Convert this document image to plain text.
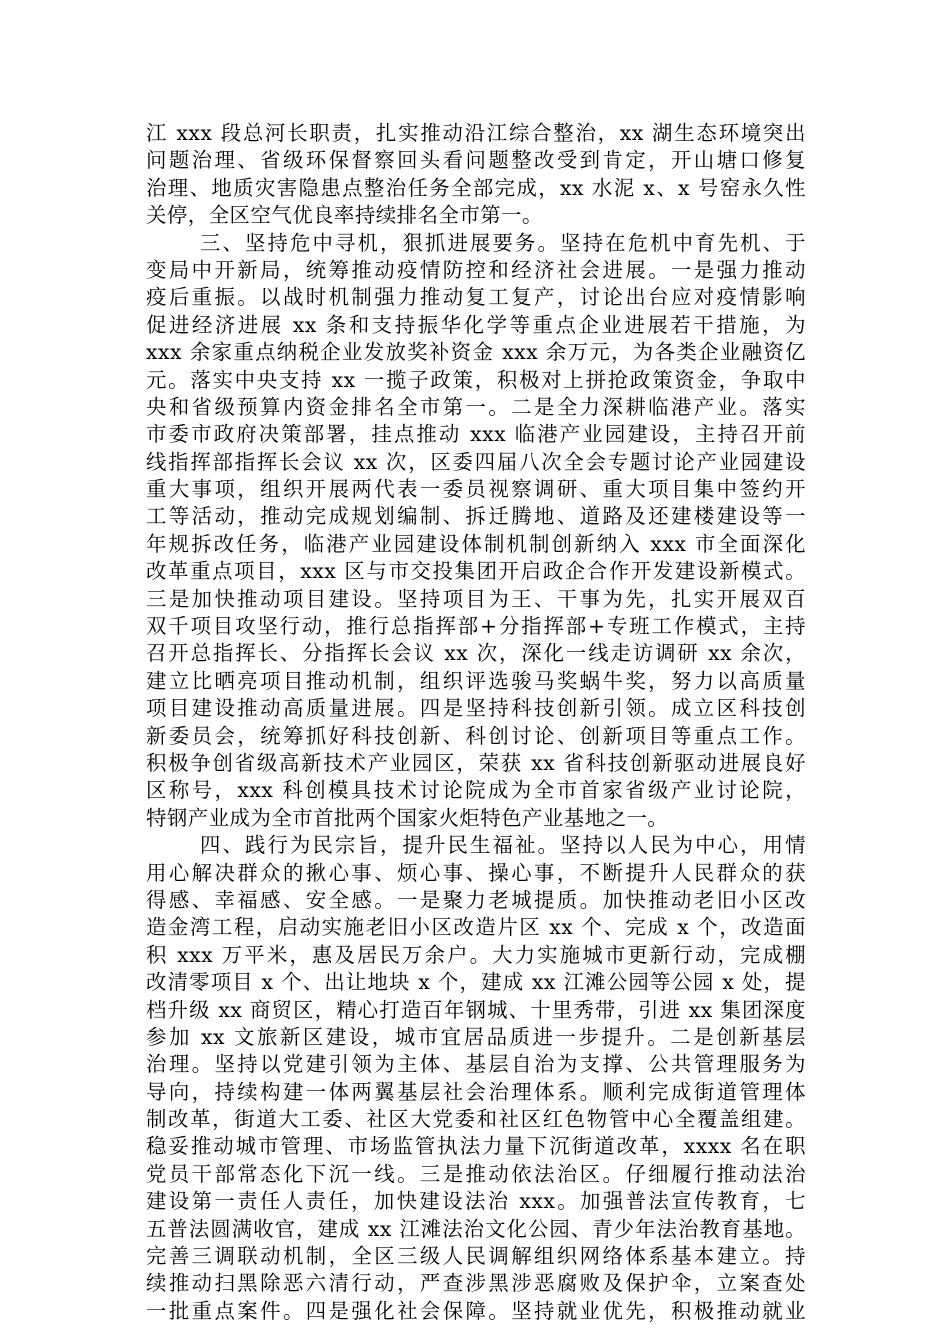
江 xxx 段总河长职责，扎实推动沿江综合整治，xx 湖生态环境突出
问题治理、省级环保督察回头看问题整改受到肯定，开山塘口修复
治理、地质灾害隐患点整治任务全部完成，xx 水泥 x、x 号窑永久性
关停，全区空气优良率持续排名全市第一。
三、坚持危中寻机，狠抓进展要务。坚持在危机中育先机、于
变局中开新局，统筹推动疫情防控和经济社会进展。一是强力推动
疫后重振。以战时机制强力推动复工复产，讨论出台应对疫情影响
促进经济进展 xx 条和支持振华化学等重点企业进展若干措施，为
xxx 余家重点纳税企业发放奖补资金 xxx 余万元，为各类企业融资亿
元。落实中央支持 xx 一揽子政策，积极对上拼抢政策资金，争取中
央和省级预算内资金排名全市第一。二是全力深耕临港产业。落实
市委市政府决策部署，挂点推动 xxx 临港产业园建设，主持召开前
线指挥部指挥长会议 xx 次，区委四届八次全会专题讨论产业园建设
重大事项，组织开展两代表一委员视察调研、重大项目集中签约开
工等活动，推动完成规划编制、拆迁腾地、道路及还建楼建设等一
年规拆改任务，临港产业园建设体制机制创新纳入 xxx 市全面深化
改革重点项目，xxx 区与市交投集团开启政企合作开发建设新模式。
三是加快推动项目建设。坚持项目为王、干事为先，扎实开展双百
双千项目攻坚行动，推行总指挥部+分指挥部+专班工作模式，主持
召开总指挥长、分指挥长会议 xx 次，深化一线走访调研 xx 余次，
建立比晒亮项目推动机制，组织评选骏马奖蜗牛奖，努力以高质量
项目建设推动高质量进展。四是坚持科技创新引领。成立区科技创
新委员会，统筹抓好科技创新、科创讨论、创新项目等重点工作。
积极争创省级高新技术产业园区，荣获 xx 省科技创新驱动进展良好
区称号，xxx 科创模具技术讨论院成为全市首家省级产业讨论院，
特钢产业成为全市首批两个国家火炬特色产业基地之一。
四、践行为民宗旨，提升民生福祉。坚持以人民为中心，用情
用心解决群众的揪心事、烦心事、操心事，不断提升人民群众的获
得感、幸福感、安全感。一是聚力老城提质。加快推动老旧小区改
造金湾工程，启动实施老旧小区改造片区 xx 个、完成 x 个，改造面
积 xxx 万平米，惠及居民万余户。大力实施城市更新行动，完成棚
改清零项目 x 个、出让地块 x 个，建成 xx 江滩公园等公园 x 处，提
档升级 xx 商贸区，精心打造百年钢城、十里秀带，引进 xx 集团深度
参加 xx 文旅新区建设，城市宜居品质进一步提升。二是创新基层
治理。坚持以党建引领为主体、基层自治为支撑、公共管理服务为
导向，持续构建一体两翼基层社会治理体系。顺利完成街道管理体
制改革，街道大工委、社区大党委和社区红色物管中心全覆盖组建。
稳妥推动城市管理、市场监管执法力量下沉街道改革，xxxx 名在职
党员干部常态化下沉一线。三是推动依法治区。仔细履行推动法治
建设第一责任人责任，加快建设法治 xxx。加强普法宣传教育，七
五普法圆满收官，建成 xx 江滩法治文化公园、青少年法治教育基地。
完善三调联动机制，全区三级人民调解组织网络体系基本建立。持
续推动扫黑除恶六清行动，严查涉黑涉恶腐败及保护伞，立案查处
一批重点案件。四是强化社会保障。坚持就业优先，积极推动就业
